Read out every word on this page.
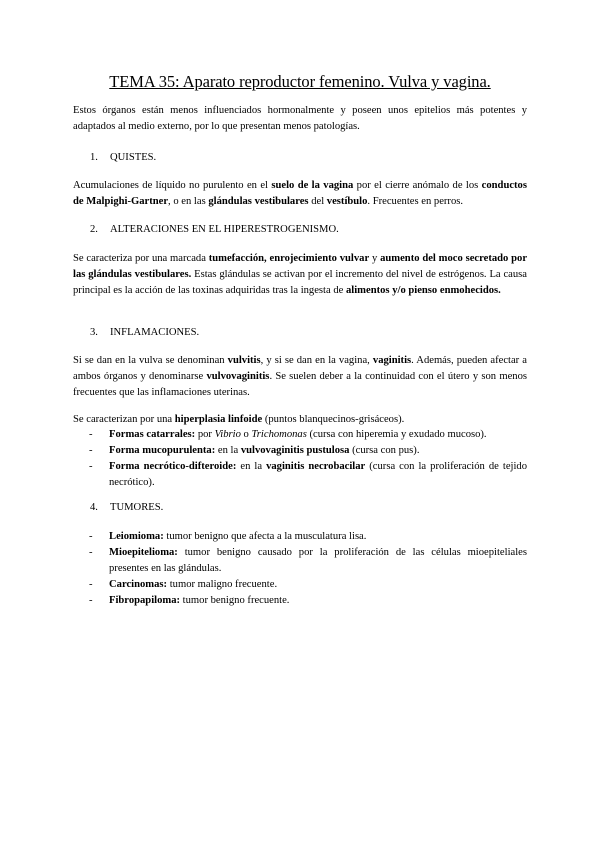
TEMA 35: Aparato reproductor femenino. Vulva y vagina.
Estos órganos están menos influenciados hormonalmente y poseen unos epitelios más potentes y adaptados al medio externo, por lo que presentan menos patologías.
1. QUISTES.
Acumulaciones de líquido no purulento en el suelo de la vagina por el cierre anómalo de los conductos de Malpighi-Gartner, o en las glándulas vestibulares del vestíbulo. Frecuentes en perros.
2. ALTERACIONES EN EL HIPERESTROGENISMO.
Se caracteriza por una marcada tumefacción, enrojecimiento vulvar y aumento del moco secretado por las glándulas vestibulares. Estas glándulas se activan por el incremento del nivel de estrógenos. La causa principal es la acción de las toxinas adquiridas tras la ingesta de alimentos y/o pienso enmohecidos.
3. INFLAMACIONES.
Si se dan en la vulva se denominan vulvitis, y si se dan en la vagina, vaginitis. Además, pueden afectar a ambos órganos y denominarse vulvovaginitis. Se suelen deber a la continuidad con el útero y son menos frecuentes que las inflamaciones uterinas.
Se caracterizan por una hiperplasia linfoide (puntos blanquecinos-grisáceos).
- Formas catarrales: por Vibrio o Trichomonas (cursa con hiperemia y exudado mucoso).
- Forma mucopurulenta: en la vulvovaginitis pustulosa (cursa con pus).
- Forma necrótico-difteroide: en la vaginitis necrobacilar (cursa con la proliferación de tejido necrótico).
4. TUMORES.
- Leiomioma: tumor benigno que afecta a la musculatura lisa.
- Mioepitelioma: tumor benigno causado por la proliferación de las células mioepiteliales presentes en las glándulas.
- Carcinomas: tumor maligno frecuente.
- Fibropapiloma: tumor benigno frecuente.
